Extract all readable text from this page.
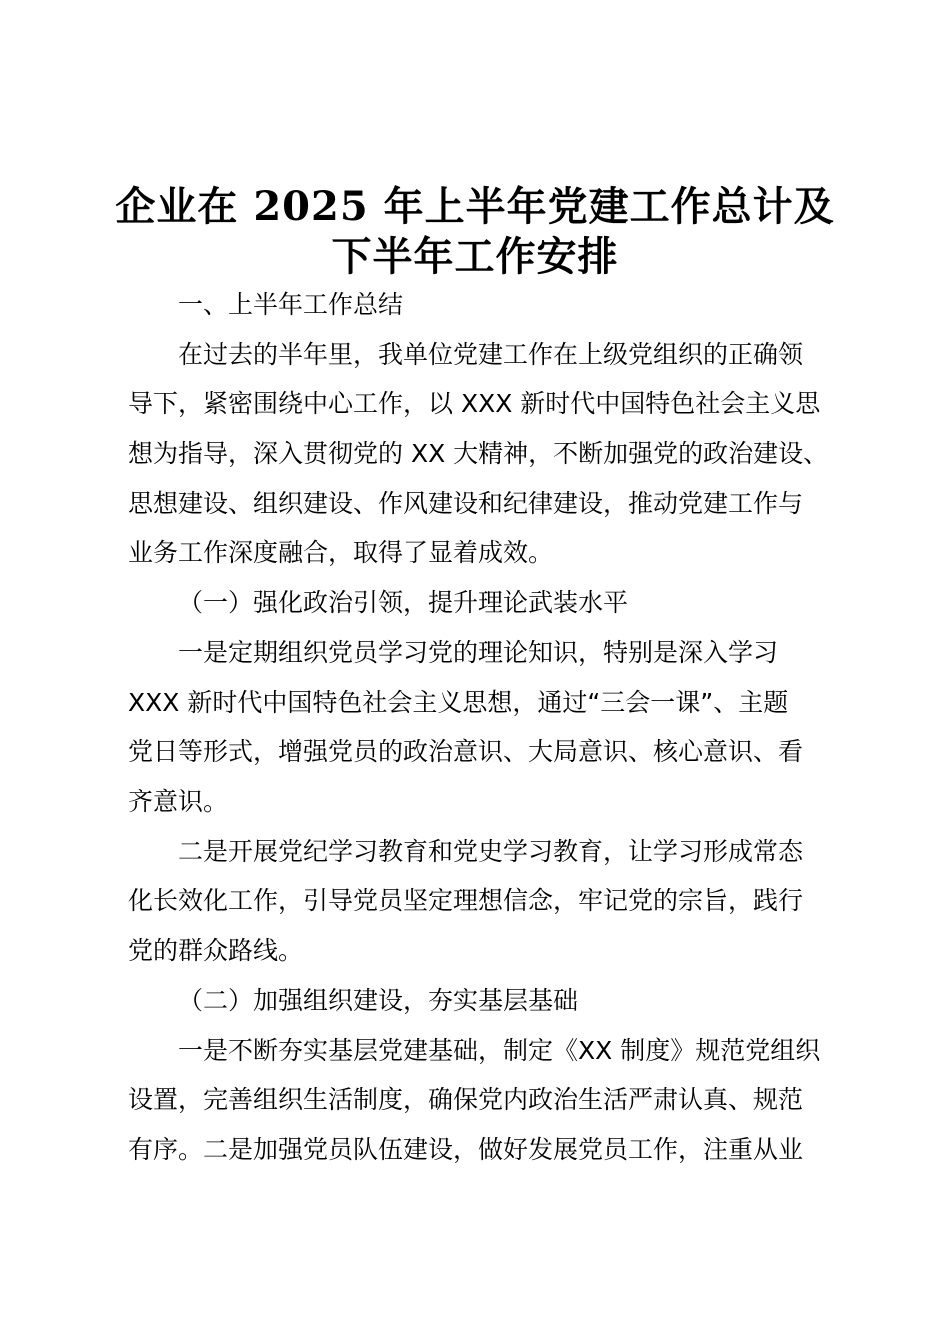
企业在 2025 年上半年党建工作总计及
下半年工作安排

一、上半年工作总结

在过去的半年里，我单位党建工作在上级党组织的正确领

导下，紧密围绕中心工作，以 XXX 新时代中国特色社会主义思

想为指导，深入贯彻党的 XX 大精神，不断加强党的政治建设、

思想建设、组织建设、作风建设和纪律建设，推动党建工作与

业务工作深度融合，取得了显着成效。

（一）强化政治引领，提升理论武装水平

一是定期组织党员学习党的理论知识，特别是深入学习

XXX 新时代中国特色社会主义思想，通过“三会一课”、主题

党日等形式，增强党员的政治意识、大局意识、核心意识、看

齐意识。

二是开展党纪学习教育和党史学习教育，让学习形成常态

化长效化工作，引导党员坚定理想信念，牢记党的宗旨，践行

党的群众路线。

（二）加强组织建设，夯实基层基础

一是不断夯实基层党建基础，制定《XX 制度》规范党组织

设置，完善组织生活制度，确保党内政治生活严肃认真、规范

有序。二是加强党员队伍建设，做好发展党员工作，注重从业
